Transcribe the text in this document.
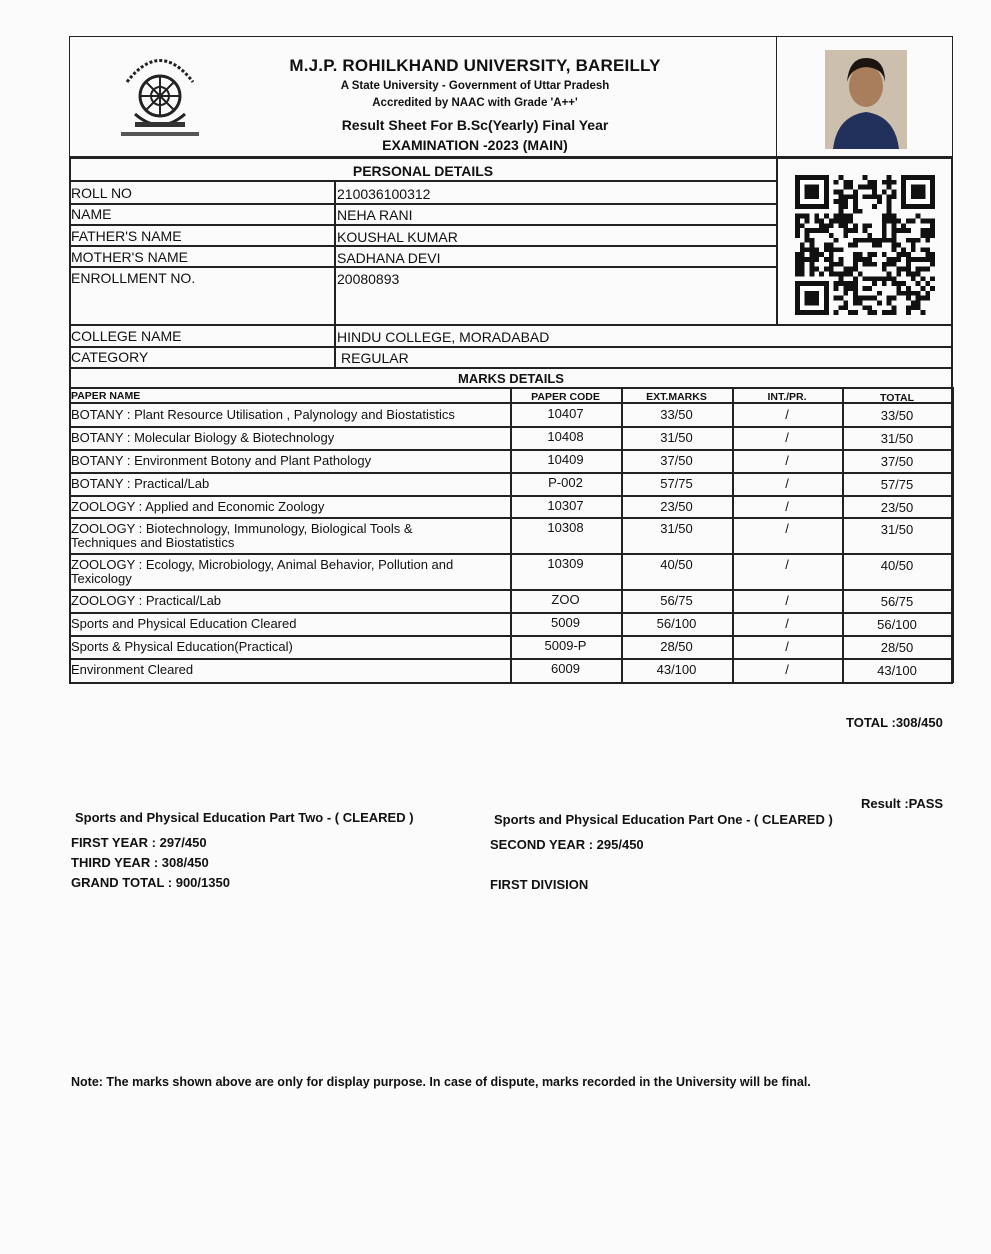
M.J.P. ROHILKHAND UNIVERSITY, BAREILLY
A State University - Government of Uttar Pradesh
Accredited by NAAC with Grade 'A++'
Result Sheet For B.Sc(Yearly) Final Year
EXAMINATION -2023 (MAIN)
PERSONAL DETAILS
ROLL NO	210036100312
NAME	NEHA RANI
FATHER'S NAME	KOUSHAL KUMAR
MOTHER'S NAME	SADHANA DEVI
ENROLLMENT NO.	20080893
COLLEGE NAME	HINDU COLLEGE, MORADABAD
CATEGORY	REGULAR
MARKS DETAILS
PAPER NAME	PAPER CODE	EXT.MARKS	INT./PR.	TOTAL
BOTANY : Plant Resource Utilisation , Palynology and Biostatistics	10407	33/50	/	33/50
BOTANY : Molecular Biology & Biotechnology	10408	31/50	/	31/50
BOTANY : Environment Botony and Plant Pathology	10409	37/50	/	37/50
BOTANY : Practical/Lab	P-002	57/75	/	57/75
ZOOLOGY : Applied and Economic Zoology	10307	23/50	/	23/50
ZOOLOGY : Biotechnology, Immunology, Biological Tools &
Techniques and Biostatistics
10308	31/50	/	31/50
ZOOLOGY : Ecology, Microbiology, Animal Behavior, Pollution and
Texicology
10309	40/50	/	40/50
ZOOLOGY : Practical/Lab	ZOO	56/75	/	56/75
Sports and Physical Education Cleared	5009	56/100	/	56/100
Sports & Physical Education(Practical)	5009-P	28/50	/	28/50
Environment Cleared	6009	43/100	/	43/100
TOTAL :308/450
Result :PASS
Sports and Physical Education Part Two - ( CLEARED )	Sports and Physical Education Part One - ( CLEARED )
FIRST YEAR : 297/450	SECOND YEAR : 295/450
THIRD YEAR : 308/450
GRAND TOTAL : 900/1350	FIRST DIVISION
Note: The marks shown above are only for display purpose. In case of dispute, marks recorded in the University will be final.
